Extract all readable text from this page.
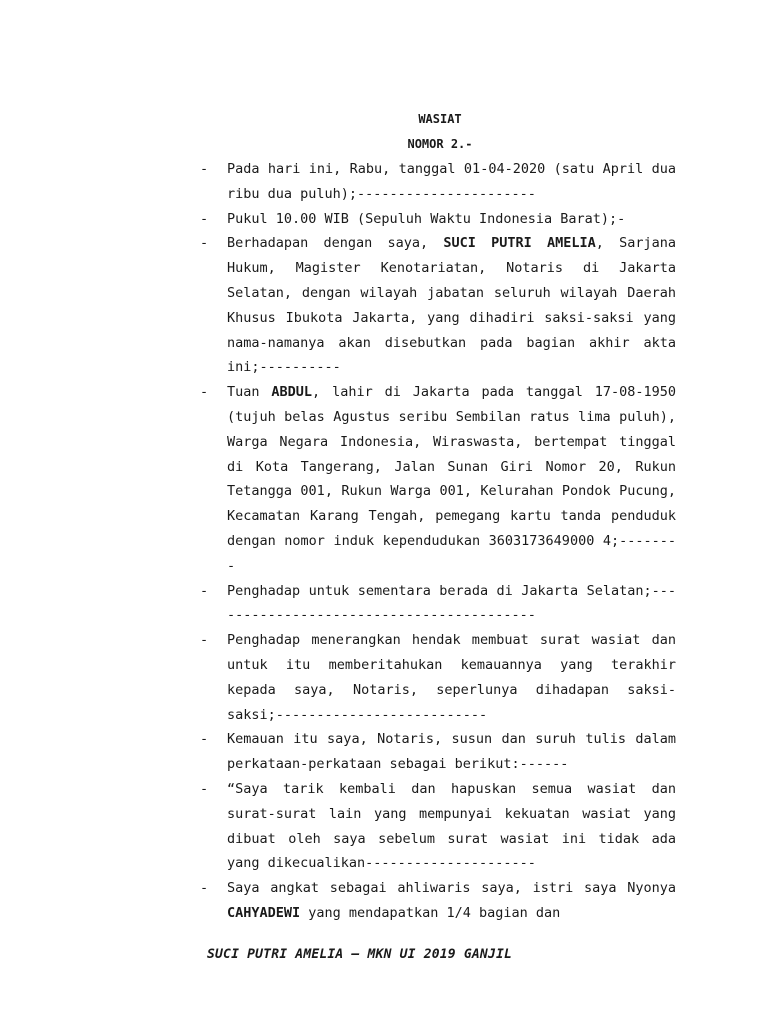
WASIAT
NOMOR 2.-
- Pada hari ini, Rabu, tanggal 01-04-2020 (satu April dua ribu dua puluh);----------------------
- Pukul 10.00 WIB (Sepuluh Waktu Indonesia Barat);-
- Berhadapan dengan saya, SUCI PUTRI AMELIA, Sarjana Hukum, Magister Kenotariatan, Notaris di Jakarta Selatan, dengan wilayah jabatan seluruh wilayah Daerah Khusus Ibukota Jakarta, yang dihadiri saksi-saksi yang nama-namanya akan disebutkan pada bagian akhir akta ini;----------
- Tuan ABDUL, lahir di Jakarta pada tanggal 17-08-1950 (tujuh belas Agustus seribu Sembilan ratus lima puluh), Warga Negara Indonesia, Wiraswasta, bertempat tinggal di Kota Tangerang, Jalan Sunan Giri Nomor 20, Rukun Tetangga 001, Rukun Warga 001, Kelurahan Pondok Pucung, Kecamatan Karang Tengah, pemegang kartu tanda penduduk dengan nomor induk kependudukan 3603173649000 4;--------
- Penghadap untuk sementara berada di Jakarta Selatan;-----------------------------------------
- Penghadap menerangkan hendak membuat surat wasiat dan untuk itu memberitahukan kemauannya yang terakhir kepada saya, Notaris, seperlunya dihadapan saksi-saksi;--------------------------
- Kemauan itu saya, Notaris, susun dan suruh tulis dalam perkataan-perkataan sebagai berikut:------
- “Saya tarik kembali dan hapuskan semua wasiat dan surat-surat lain yang mempunyai kekuatan wasiat yang dibuat oleh saya sebelum surat wasiat ini tidak ada yang dikecualikan---------------------
- Saya angkat sebagai ahliwaris saya, istri saya Nyonya CAHYADEWI yang mendapatkan 1/4 bagian dan
SUCI PUTRI AMELIA – MKN UI 2019 GANJIL
